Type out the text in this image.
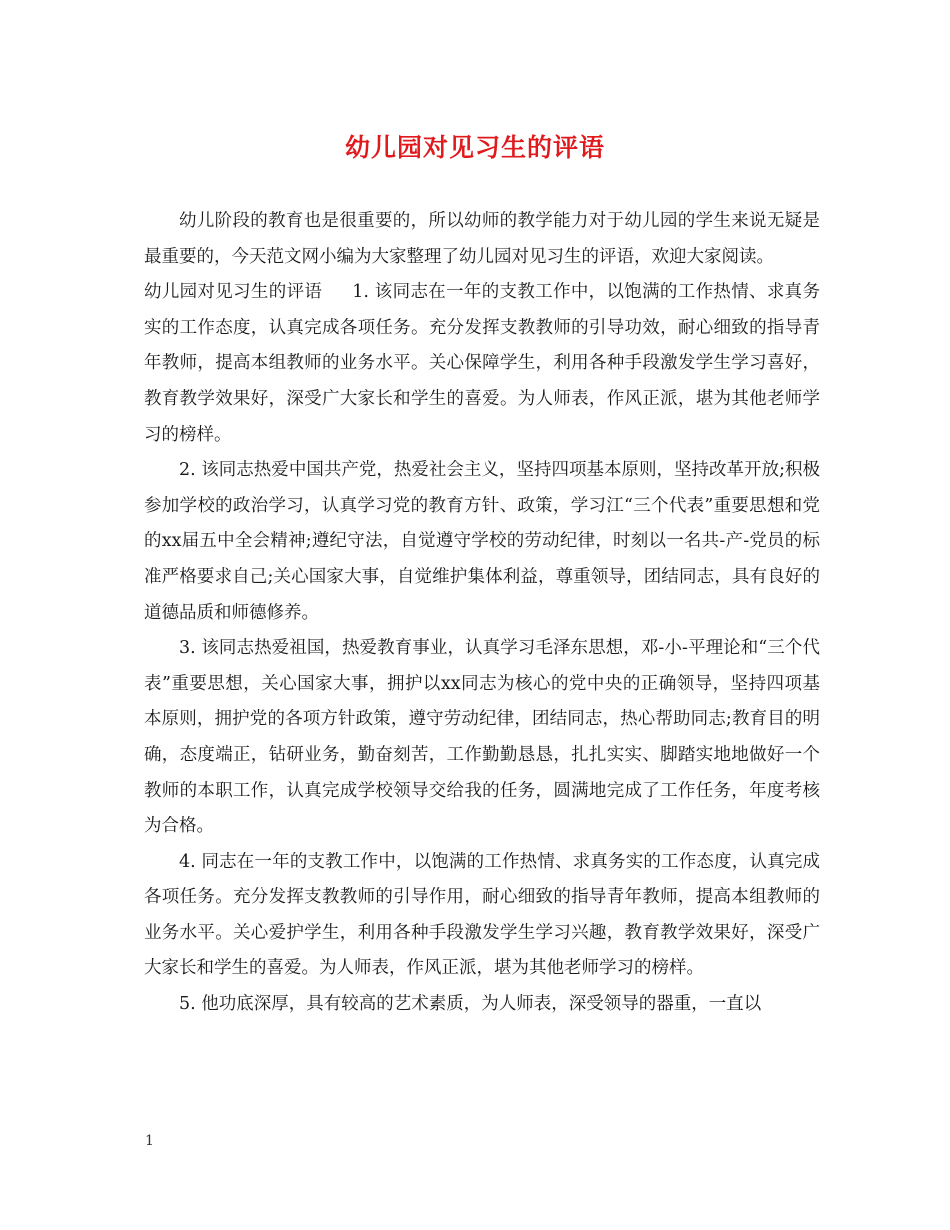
幼儿园对见习生的评语

幼儿阶段的教育也是很重要的，所以幼师的教学能力对于幼儿园的学生来说无疑是最重要的，今天范文网小编为大家整理了幼儿园对见习生的评语，欢迎大家阅读。

幼儿园对见习生的评语 1. 该同志在一年的支教工作中，以饱满的工作热情、求真务实的工作态度，认真完成各项任务。充分发挥支教教师的引导功效，耐心细致的指导青年教师，提高本组教师的业务水平。关心保障学生，利用各种手段激发学生学习喜好，教育教学效果好，深受广大家长和学生的喜爱。为人师表，作风正派，堪为其他老师学习的榜样。

2. 该同志热爱中国共产党，热爱社会主义，坚持四项基本原则，坚持改革开放;积极参加学校的政治学习，认真学习党的教育方针、政策，学习江“三个代表”重要思想和党的xx届五中全会精神;遵纪守法，自觉遵守学校的劳动纪律，时刻以一名共-产-党员的标准严格要求自己;关心国家大事，自觉维护集体利益，尊重领导，团结同志，具有良好的道德品质和师德修养。

3. 该同志热爱祖国，热爱教育事业，认真学习毛泽东思想，邓-小-平理论和“三个代表”重要思想，关心国家大事，拥护以xx同志为核心的党中央的正确领导，坚持四项基本原则，拥护党的各项方针政策，遵守劳动纪律，团结同志，热心帮助同志;教育目的明确，态度端正，钻研业务，勤奋刻苦，工作勤勤恳恳，扎扎实实、脚踏实地地做好一个教师的本职工作，认真完成学校领导交给我的任务，圆满地完成了工作任务，年度考核为合格。

4. 同志在一年的支教工作中，以饱满的工作热情、求真务实的工作态度，认真完成各项任务。充分发挥支教教师的引导作用，耐心细致的指导青年教师，提高本组教师的业务水平。关心爱护学生，利用各种手段激发学生学习兴趣，教育教学效果好，深受广大家长和学生的喜爱。为人师表，作风正派，堪为其他老师学习的榜样。

5. 他功底深厚，具有较高的艺术素质，为人师表，深受领导的器重，一直以

1
